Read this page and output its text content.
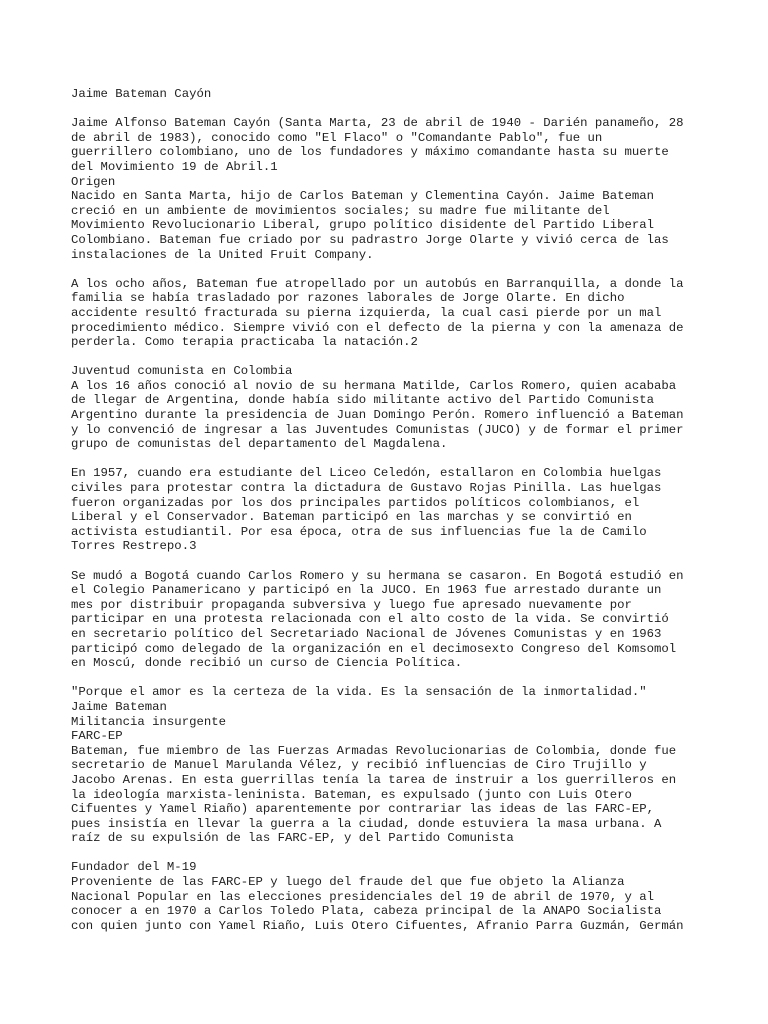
Jaime Bateman Cayón
Jaime Alfonso Bateman Cayón (Santa Marta, 23 de abril de 1940 - Darién panameño, 28
de abril de 1983), conocido como "El Flaco" o "Comandante Pablo", fue un
guerrillero colombiano, uno de los fundadores y máximo comandante hasta su muerte
del Movimiento 19 de Abril.1
Origen
Nacido en Santa Marta, hijo de Carlos Bateman y Clementina Cayón. Jaime Bateman
creció en un ambiente de movimientos sociales; su madre fue militante del
Movimiento Revolucionario Liberal, grupo político disidente del Partido Liberal
Colombiano. Bateman fue criado por su padrastro Jorge Olarte y vivió cerca de las
instalaciones de la United Fruit Company.
A los ocho años, Bateman fue atropellado por un autobús en Barranquilla, a donde la
familia se había trasladado por razones laborales de Jorge Olarte. En dicho
accidente resultó fracturada su pierna izquierda, la cual casi pierde por un mal
procedimiento médico. Siempre vivió con el defecto de la pierna y con la amenaza de
perderla. Como terapia practicaba la natación.2
Juventud comunista en Colombia
A los 16 años conoció al novio de su hermana Matilde, Carlos Romero, quien acababa
de llegar de Argentina, donde había sido militante activo del Partido Comunista
Argentino durante la presidencia de Juan Domingo Perón. Romero influenció a Bateman
y lo convenció de ingresar a las Juventudes Comunistas (JUCO) y de formar el primer
grupo de comunistas del departamento del Magdalena.
En 1957, cuando era estudiante del Liceo Celedón, estallaron en Colombia huelgas
civiles para protestar contra la dictadura de Gustavo Rojas Pinilla. Las huelgas
fueron organizadas por los dos principales partidos políticos colombianos, el
Liberal y el Conservador. Bateman participó en las marchas y se convirtió en
activista estudiantil. Por esa época, otra de sus influencias fue la de Camilo
Torres Restrepo.3
Se mudó a Bogotá cuando Carlos Romero y su hermana se casaron. En Bogotá estudió en
el Colegio Panamericano y participó en la JUCO. En 1963 fue arrestado durante un
mes por distribuir propaganda subversiva y luego fue apresado nuevamente por
participar en una protesta relacionada con el alto costo de la vida. Se convirtió
en secretario político del Secretariado Nacional de Jóvenes Comunistas y en 1963
participó como delegado de la organización en el decimosexto Congreso del Komsomol
en Moscú, donde recibió un curso de Ciencia Política.
"Porque el amor es la certeza de la vida. Es la sensación de la inmortalidad."
Jaime Bateman
Militancia insurgente
FARC-EP
Bateman, fue miembro de las Fuerzas Armadas Revolucionarias de Colombia, donde fue
secretario de Manuel Marulanda Vélez, y recibió influencias de Ciro Trujillo y
Jacobo Arenas. En esta guerrillas tenía la tarea de instruir a los guerrilleros en
la ideología marxista-leninista. Bateman, es expulsado (junto con Luis Otero
Cifuentes y Yamel Riaño) aparentemente por contrariar las ideas de las FARC-EP,
pues insistía en llevar la guerra a la ciudad, donde estuviera la masa urbana. A
raíz de su expulsión de las FARC-EP, y del Partido Comunista
Fundador del M-19
Proveniente de las FARC-EP y luego del fraude del que fue objeto la Alianza
Nacional Popular en las elecciones presidenciales del 19 de abril de 1970, y al
conocer a en 1970 a Carlos Toledo Plata, cabeza principal de la ANAPO Socialista
con quien junto con Yamel Riaño, Luis Otero Cifuentes, Afranio Parra Guzmán, Germán
